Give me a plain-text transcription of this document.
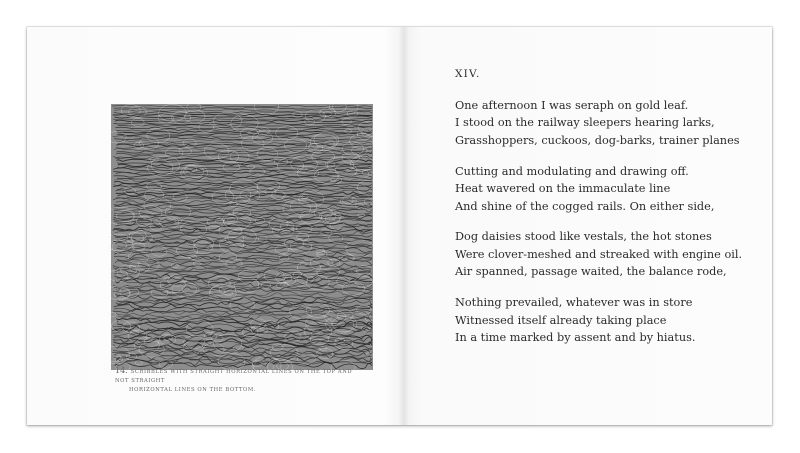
14. SCRIBBLES WITH STRAIGHT HORIZONTAL LINES ON THE TOP AND NOT STRAIGHT
HORIZONTAL LINES ON THE BOTTOM.
XIV.
One afternoon I was seraph on gold leaf.
I stood on the railway sleepers hearing larks,
Grasshoppers, cuckoos, dog-barks, trainer planes
Cutting and modulating and drawing off.
Heat wavered on the immaculate line
And shine of the cogged rails. On either side,
Dog daisies stood like vestals, the hot stones
Were clover-meshed and streaked with engine oil.
Air spanned, passage waited, the balance rode,
Nothing prevailed, whatever was in store
Witnessed itself already taking place
In a time marked by assent and by hiatus.
